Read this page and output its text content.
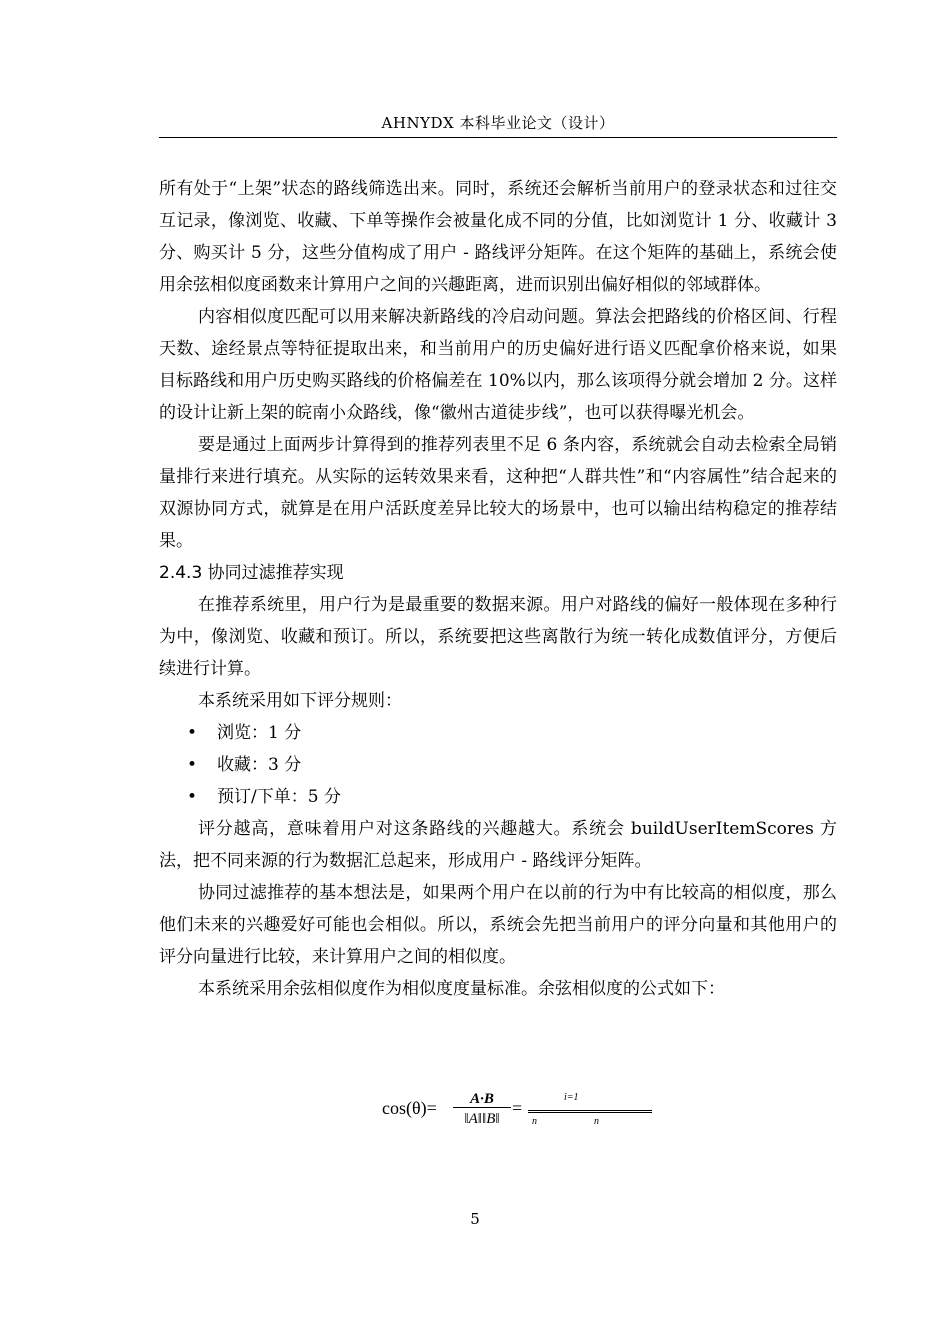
AHNYDX 本科毕业论文（设计）

所有处于“上架”状态的路线筛选出来。同时，系统还会解析当前用户的登录状态和过往交互记录，像浏览、收藏、下单等操作会被量化成不同的分值，比如浏览计 1 分、收藏计 3 分、购买计 5 分，这些分值构成了用户 - 路线评分矩阵。在这个矩阵的基础上，系统会使用余弦相似度函数来计算用户之间的兴趣距离，进而识别出偏好相似的邻域群体。

内容相似度匹配可以用来解决新路线的冷启动问题。算法会把路线的价格区间、行程天数、途经景点等特征提取出来，和当前用户的历史偏好进行语义匹配拿价格来说，如果目标路线和用户历史购买路线的价格偏差在 10%以内，那么该项得分就会增加 2 分。这样的设计让新上架的皖南小众路线，像“徽州古道徒步线”，也可以获得曝光机会。

要是通过上面两步计算得到的推荐列表里不足 6 条内容，系统就会自动去检索全局销量排行来进行填充。从实际的运转效果来看，这种把“人群共性”和“内容属性”结合起来的双源协同方式，就算是在用户活跃度差异比较大的场景中，也可以输出结构稳定的推荐结果。

2.4.3 协同过滤推荐实现

在推荐系统里，用户行为是最重要的数据来源。用户对路线的偏好一般体现在多种行为中，像浏览、收藏和预订。所以，系统要把这些离散行为统一转化成数值评分，方便后续进行计算。

本系统采用如下评分规则：

• 浏览：1 分
• 收藏：3 分
• 预订/下单：5 分

评分越高，意味着用户对这条路线的兴趣越大。系统会 buildUserItemScores 方法，把不同来源的行为数据汇总起来，形成用户 - 路线评分矩阵。

协同过滤推荐的基本想法是，如果两个用户在以前的行为中有比较高的相似度，那么他们未来的兴趣爱好可能也会相似。所以，系统会先把当前用户的评分向量和其他用户的评分向量进行比较，来计算用户之间的相似度。

本系统采用余弦相似度作为相似度度量标准。余弦相似度的公式如下：

cos(θ)=	A·B
‖A‖‖B‖
=
i=1
n	n
5
